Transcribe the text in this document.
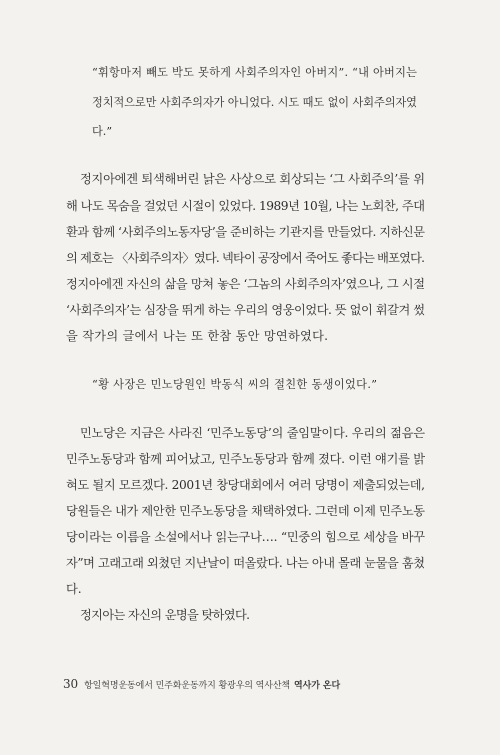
“휘항마저 빼도 박도 못하게 사회주의자인 아버지”. “내 아버지는
정치적으로만 사회주의자가 아니었다. 시도 때도 없이 사회주의자였
다.”
정지아에겐 퇴색해버린 낡은 사상으로 회상되는 ‘그 사회주의’를 위
해 나도 목숨을 걸었던 시절이 있었다. 1989년 10월, 나는 노회찬, 주대
환과 함께 ‘사회주의노동자당’을 준비하는 기관지를 만들었다. 지하신문
의 제호는 〈사회주의자〉였다. 넥타이 공장에서 죽어도 좋다는 배포였다.
정지아에겐 자신의 삶을 망쳐 놓은 ‘그놈의 사회주의자’였으나, 그 시절
‘사회주의자’는 심장을 뛰게 하는 우리의 영웅이었다. 뜻 없이 휘갈겨 썼
을 작가의 글에서 나는 또 한참 동안 망연하였다.
“황 사장은 민노당원인 박동식 씨의 절친한 동생이었다.”
민노당은 지금은 사라진 ‘민주노동당’의 줄임말이다. 우리의 젊음은
민주노동당과 함께 피어났고, 민주노동당과 함께 졌다. 이런 얘기를 밝
혀도 될지 모르겠다. 2001년 창당대회에서 여러 당명이 제출되었는데,
당원들은 내가 제안한 민주노동당을 채택하였다. 그런데 이제 민주노동
당이라는 이름을 소설에서나 읽는구나…. “민중의 힘으로 세상을 바꾸
자”며 고래고래 외쳤던 지난날이 떠올랐다. 나는 아내 몰래 눈물을 훔쳤
다.
정지아는 자신의 운명을 탓하였다.
30 항일혁명운동에서 민주화운동까지 황광우의 역사산책 역사가 온다
